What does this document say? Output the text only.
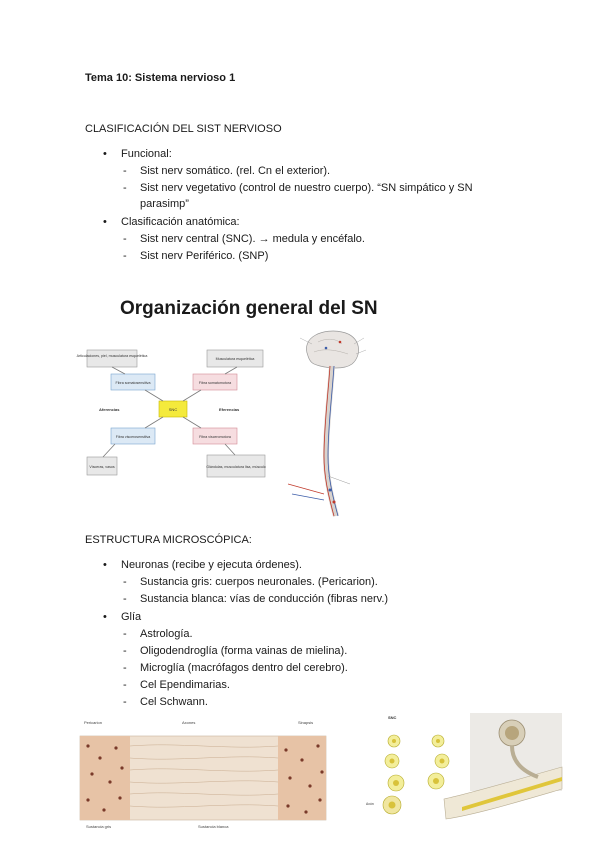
Tema 10: Sistema nervioso 1
CLASIFICACIÓN DEL SIST NERVIOSO
• Funcional:
- Sist nerv somático. (rel. Cn el exterior).
- Sist nerv vegetativo (control de nuestro cuerpo). “SN simpático y SN
parasimp”
• Clasificación anatómica:
- Sist nerv central (SNC). → medula y encéfalo.
- Sist nerv Periférico. (SNP)
Organización general del SN
Articulaciones, piel, musculatura esquelética
Musculatura esquelética
Fibra somatosensitiva	Fibra somatomotora
Aferencias	SNC	Eferencias
Fibra viscerosensitiva	Fibra visceromotora
Vísceras, vasos	Glándulas, musculatura lisa, músculo
ESTRUCTURA MICROSCÓPICA:
• Neuronas (recibe y ejecuta órdenes).
- Sustancia gris: cuerpos neuronales. (Pericarion).
- Sustancia blanca: vías de conducción (fibras nerv.)
• Glía
- Astrología.
- Oligodendroglía (forma vainas de mielina).
- Microglía (macrófagos dentro del cerebro).
- Cel Ependimarias.
- Cel Schwann.
Pericarion	Axones	Sinapsis
Sustancia gris	Sustancia blanca
SNC
Axón
